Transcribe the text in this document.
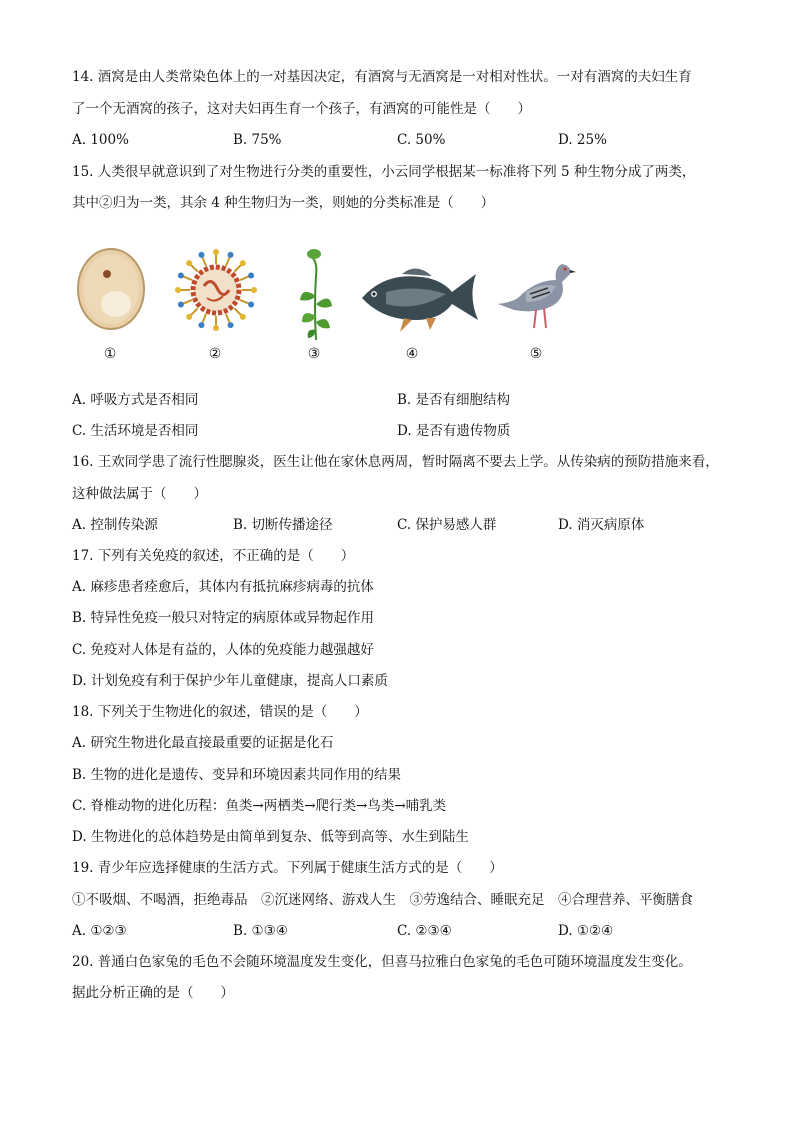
14. 酒窝是由人类常染色体上的一对基因决定，有酒窝与无酒窝是一对相对性状。一对有酒窝的夫妇生育
了一个无酒窝的孩子，这对夫妇再生育一个孩子，有酒窝的可能性是（　　）
A. 100%	B. 75%	C. 50%	D. 25%
15. 人类很早就意识到了对生物进行分类的重要性，小云同学根据某一标准将下列 5 种生物分成了两类，
其中②归为一类，其余 4 种生物归为一类，则她的分类标准是（　　）
①	②	③	④	⑤
A. 呼吸方式是否相同	B. 是否有细胞结构
C. 生活环境是否相同	D. 是否有遗传物质
16. 王欢同学患了流行性腮腺炎，医生让他在家休息两周，暂时隔离不要去上学。从传染病的预防措施来看，
这种做法属于（　　）
A. 控制传染源	B. 切断传播途径	C. 保护易感人群	D. 消灭病原体
17. 下列有关免疫的叙述，不正确的是（　　）
A. 麻疹患者痊愈后，其体内有抵抗麻疹病毒的抗体
B. 特异性免疫一般只对特定的病原体或异物起作用
C. 免疫对人体是有益的，人体的免疫能力越强越好
D. 计划免疫有利于保护少年儿童健康，提高人口素质
18. 下列关于生物进化的叙述，错误的是（　　）
A. 研究生物进化最直接最重要的证据是化石
B. 生物的进化是遗传、变异和环境因素共同作用的结果
C. 脊椎动物的进化历程：鱼类→两栖类→爬行类→鸟类→哺乳类
D. 生物进化的总体趋势是由简单到复杂、低等到高等、水生到陆生
19. 青少年应选择健康的生活方式。下列属于健康生活方式的是（　　）
①不吸烟、不喝酒，拒绝毒品　②沉迷网络、游戏人生　③劳逸结合、睡眠充足　④合理营养、平衡膳食
A. ①②③	B. ①③④	C. ②③④	D. ①②④
20. 普通白色家兔的毛色不会随环境温度发生变化，但喜马拉雅白色家兔的毛色可随环境温度发生变化。
据此分析正确的是（　　）
